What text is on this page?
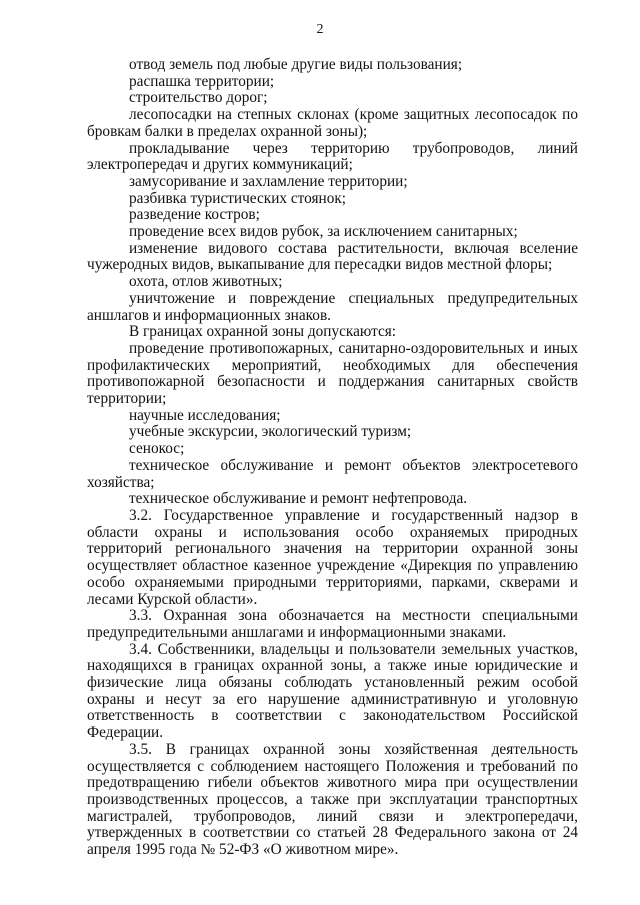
2

отвод земель под любые другие виды пользования;

распашка территории;

строительство дорог;

лесопосадки на степных склонах (кроме защитных лесопосадок по бровкам балки в пределах охранной зоны);

прокладывание через территорию трубопроводов, линий электропередач и других коммуникаций;

замусоривание и захламление территории;

разбивка туристических стоянок;

разведение костров;

проведение всех видов рубок, за исключением санитарных;

изменение видового состава растительности, включая вселение чужеродных видов, выкапывание для пересадки видов местной флоры;

охота, отлов животных;

уничтожение и повреждение специальных предупредительных аншлагов и информационных знаков.

В границах охранной зоны допускаются:

проведение противопожарных, санитарно-оздоровительных и иных профилактических мероприятий, необходимых для обеспечения противопожарной безопасности и поддержания санитарных свойств территории;

научные исследования;

учебные экскурсии, экологический туризм;

сенокос;

техническое обслуживание и ремонт объектов электросетевого хозяйства;

техническое обслуживание и ремонт нефтепровода.

3.2. Государственное управление и государственный надзор в области охраны и использования особо охраняемых природных территорий регионального значения на территории охранной зоны осуществляет областное казенное учреждение «Дирекция по управлению особо охраняемыми природными территориями, парками, скверами и лесами Курской области».

3.3. Охранная зона обозначается на местности специальными предупредительными аншлагами и информационными знаками.

3.4. Собственники, владельцы и пользователи земельных участков, находящихся в границах охранной зоны, а также иные юридические и физические лица обязаны соблюдать установленный режим особой охраны и несут за его нарушение административную и уголовную ответственность в соответствии с законодательством Российской Федерации.

3.5. В границах охранной зоны хозяйственная деятельность осуществляется с соблюдением настоящего Положения и требований по предотвращению гибели объектов животного мира при осуществлении производственных процессов, а также при эксплуатации транспортных магистралей, трубопроводов, линий связи и электропередачи, утвержденных в соответствии со статьей 28 Федерального закона от 24 апреля 1995 года № 52-ФЗ «О животном мире».
